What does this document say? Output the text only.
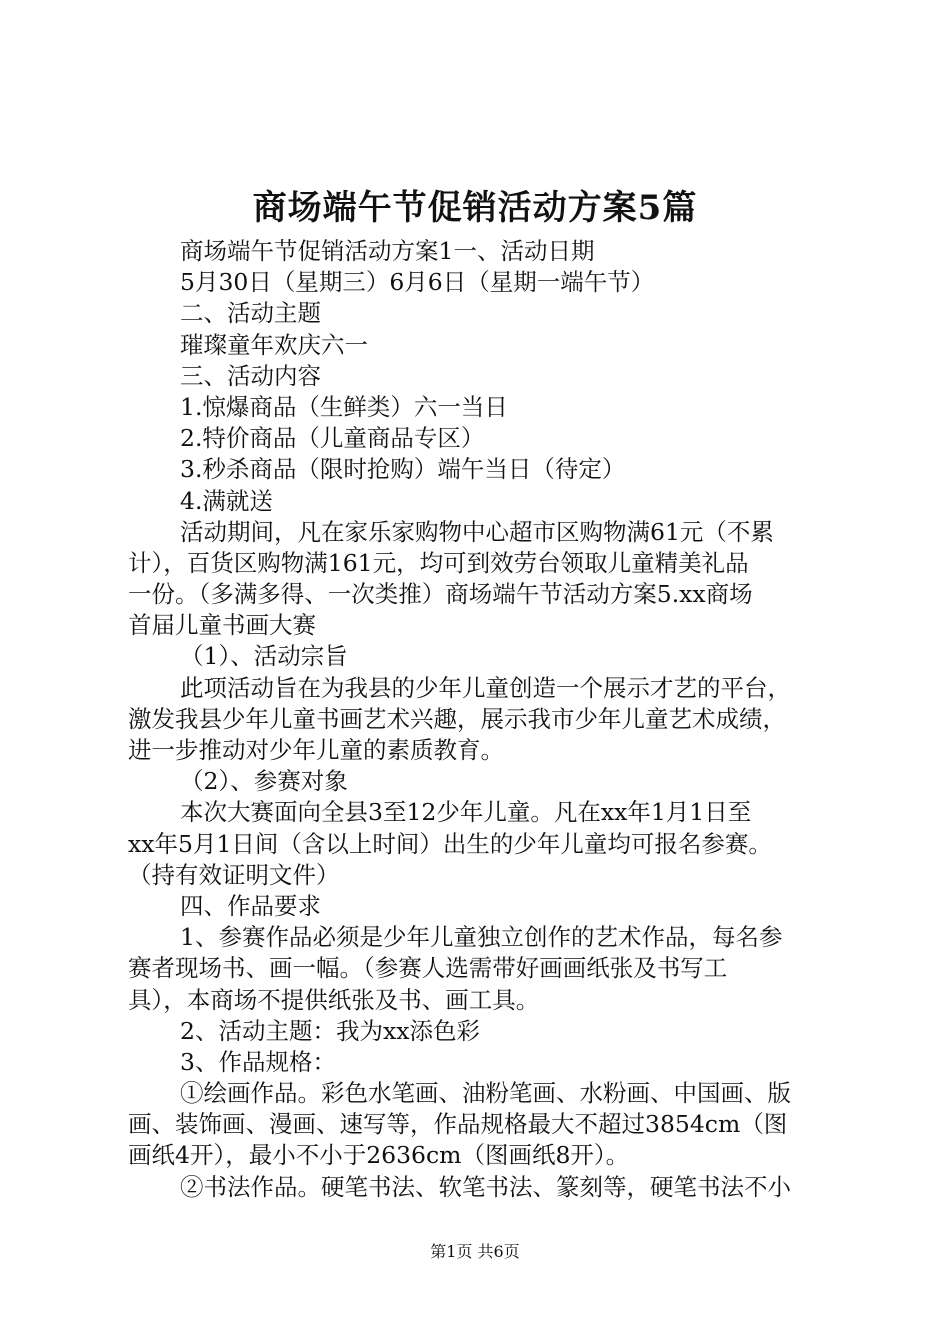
商场端午节促销活动方案5篇
商场端午节促销活动方案1一、活动日期
5月30日（星期三）6月6日（星期一端午节）
二、活动主题
璀璨童年欢庆六一
三、活动内容
1.惊爆商品（生鲜类）六一当日
2.特价商品（儿童商品专区）
3.秒杀商品（限时抢购）端午当日（待定）
4.满就送
活动期间，凡在家乐家购物中心超市区购物满61元（不累
计），百货区购物满161元，均可到效劳台领取儿童精美礼品
一份。（多满多得、一次类推）商场端午节活动方案5.xx商场
首届儿童书画大赛
（1）、活动宗旨
此项活动旨在为我县的少年儿童创造一个展示才艺的平台，
激发我县少年儿童书画艺术兴趣，展示我市少年儿童艺术成绩，
进一步推动对少年儿童的素质教育。
（2）、参赛对象
本次大赛面向全县3至12少年儿童。凡在xx年1月1日至
xx年5月1日间（含以上时间）出生的少年儿童均可报名参赛。
（持有效证明文件）
四、作品要求
1、参赛作品必须是少年儿童独立创作的艺术作品，每名参
赛者现场书、画一幅。（参赛人选需带好画画纸张及书写工
具），本商场不提供纸张及书、画工具。
2、活动主题：我为xx添色彩
3、作品规格：
①绘画作品。彩色水笔画、油粉笔画、水粉画、中国画、版
画、装饰画、漫画、速写等，作品规格最大不超过3854cm（图
画纸4开），最小不小于2636cm（图画纸8开）。
②书法作品。硬笔书法、软笔书法、篆刻等，硬笔书法不小
第1页 共6页
